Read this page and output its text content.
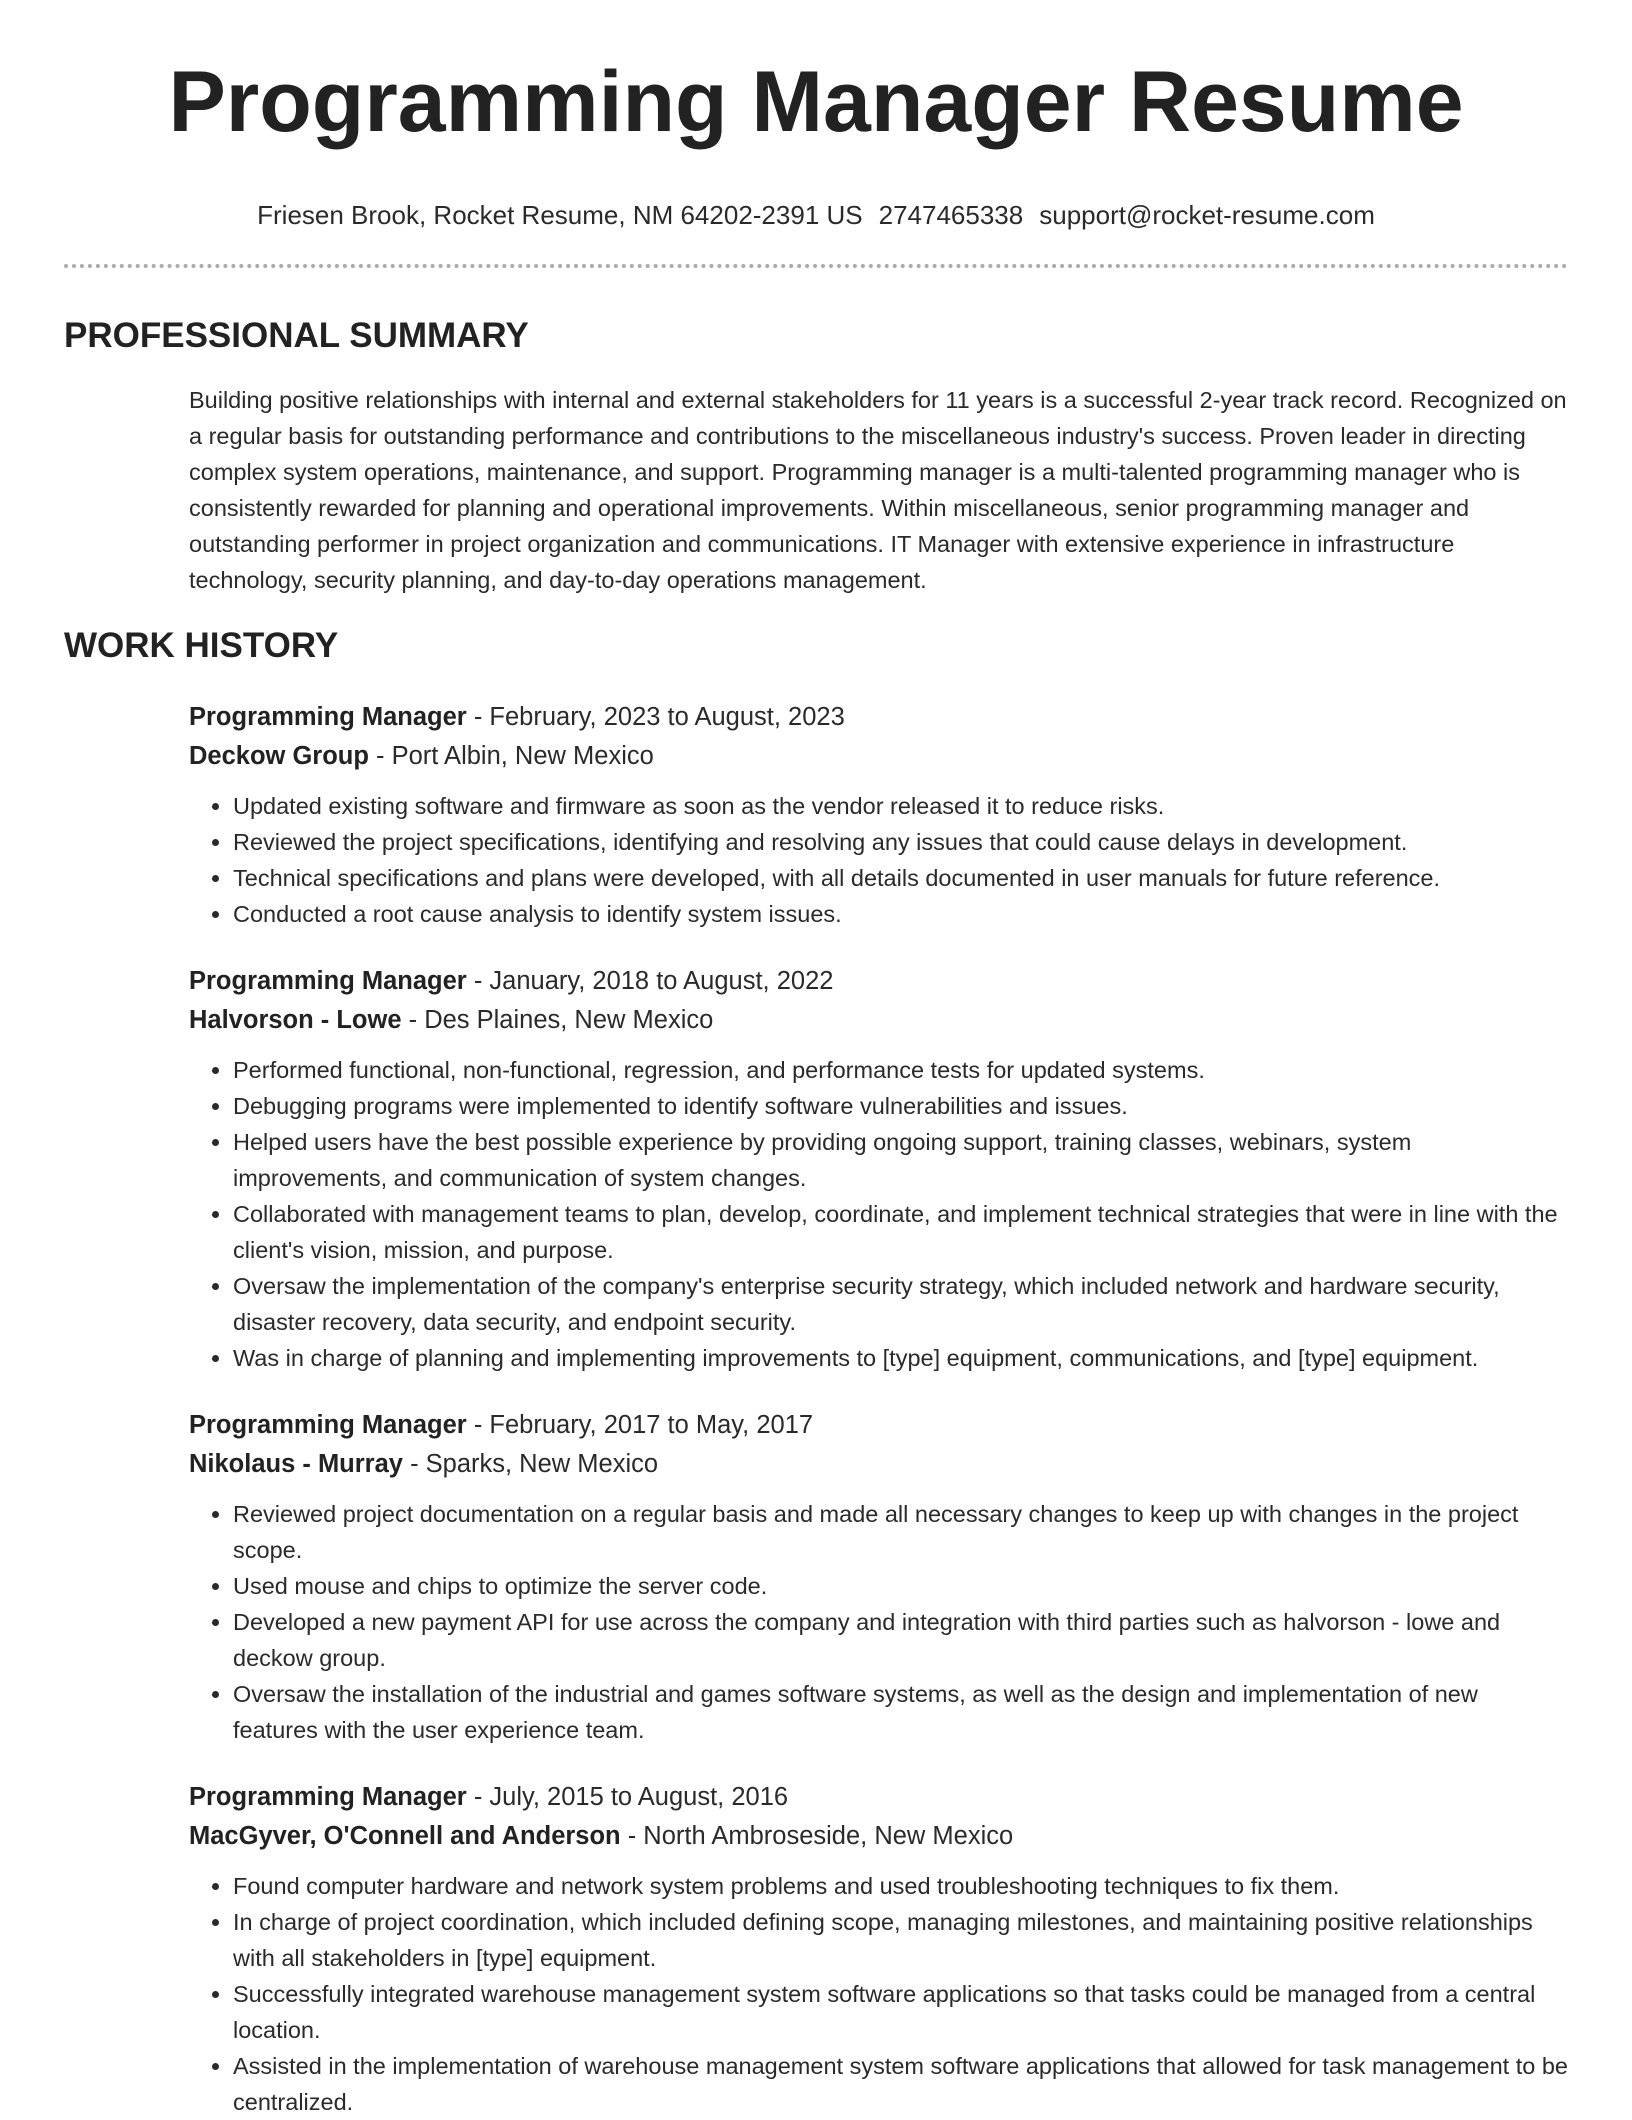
Programming Manager Resume
Friesen Brook, Rocket Resume, NM 64202-2391 US 2747465338 support@rocket-resume.com
PROFESSIONAL SUMMARY

Building positive relationships with internal and external stakeholders for 11 years is a successful 2-year track record. Recognized on a regular basis for outstanding performance and contributions to the miscellaneous industry's success. Proven leader in directing complex system operations, maintenance, and support. Programming manager is a multi-talented programming manager who is consistently rewarded for planning and operational improvements. Within miscellaneous, senior programming manager and outstanding performer in project organization and communications. IT Manager with extensive experience in infrastructure technology, security planning, and day-to-day operations management.

WORK HISTORY
Programming Manager - February, 2023 to August, 2023
Deckow Group - Port Albin, New Mexico
• Updated existing software and firmware as soon as the vendor released it to reduce risks.
• Reviewed the project specifications, identifying and resolving any issues that could cause delays in development.
• Technical specifications and plans were developed, with all details documented in user manuals for future reference.
• Conducted a root cause analysis to identify system issues.
Programming Manager - January, 2018 to August, 2022
Halvorson - Lowe - Des Plaines, New Mexico
• Performed functional, non-functional, regression, and performance tests for updated systems.
• Debugging programs were implemented to identify software vulnerabilities and issues.
• Helped users have the best possible experience by providing ongoing support, training classes, webinars, system improvements, and communication of system changes.
• Collaborated with management teams to plan, develop, coordinate, and implement technical strategies that were in line with the client's vision, mission, and purpose.
• Oversaw the implementation of the company's enterprise security strategy, which included network and hardware security, disaster recovery, data security, and endpoint security.
• Was in charge of planning and implementing improvements to [type] equipment, communications, and [type] equipment.
Programming Manager - February, 2017 to May, 2017
Nikolaus - Murray - Sparks, New Mexico
• Reviewed project documentation on a regular basis and made all necessary changes to keep up with changes in the project scope.
• Used mouse and chips to optimize the server code.
• Developed a new payment API for use across the company and integration with third parties such as halvorson - lowe and deckow group.
• Oversaw the installation of the industrial and games software systems, as well as the design and implementation of new features with the user experience team.
Programming Manager - July, 2015 to August, 2016
MacGyver, O'Connell and Anderson - North Ambroseside, New Mexico
• Found computer hardware and network system problems and used troubleshooting techniques to fix them.
• In charge of project coordination, which included defining scope, managing milestones, and maintaining positive relationships with all stakeholders in [type] equipment.
• Successfully integrated warehouse management system software applications so that tasks could be managed from a central location.
• Assisted in the implementation of warehouse management system software applications that allowed for task management to be centralized.
